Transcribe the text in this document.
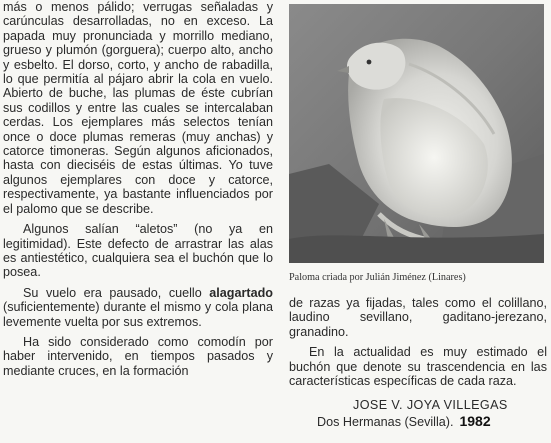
más o menos pálido; verrugas señaladas y carúnculas desarrolladas, no en exceso. La papada muy pronunciada y morrillo mediano, grueso y plumón (gorguera); cuerpo alto, ancho y esbelto. El dorso, corto, y ancho de rabadilla, lo que permitía al pájaro abrir la cola en vuelo. Abierto de buche, las plumas de éste cubrían sus codillos y entre las cuales se intercalaban cerdas. Los ejemplares más selectos tenían once o doce plumas remeras (muy anchas) y catorce timoneras. Según algunos aficionados, hasta con dieciséis de estas últimas. Yo tuve algunos ejemplares con doce y catorce, respectivamente, ya bastante influenciados por el palomo que se describe.

Algunos salían “aletos” (no ya en legitimidad). Este defecto de arrastrar las alas es antiestético, cualquiera sea el buchón que lo posea.

Su vuelo era pausado, cuello alagartado (suficientemente) durante el mismo y cola plana levemente vuelta por sus extremos.

Ha sido considerado como comodín por haber intervenido, en tiempos pasados y mediante cruces, en la formación

Paloma criada por Julián Jiménez (Linares)

de razas ya fijadas, tales como el colillano, laudino sevillano, gaditano-jerezano, granadino.

En la actualidad es muy estimado el buchón que denote su trascendencia en las características específicas de cada raza.

JOSE V. JOYA VILLEGAS
Dos Hermanas (Sevilla). 1982
